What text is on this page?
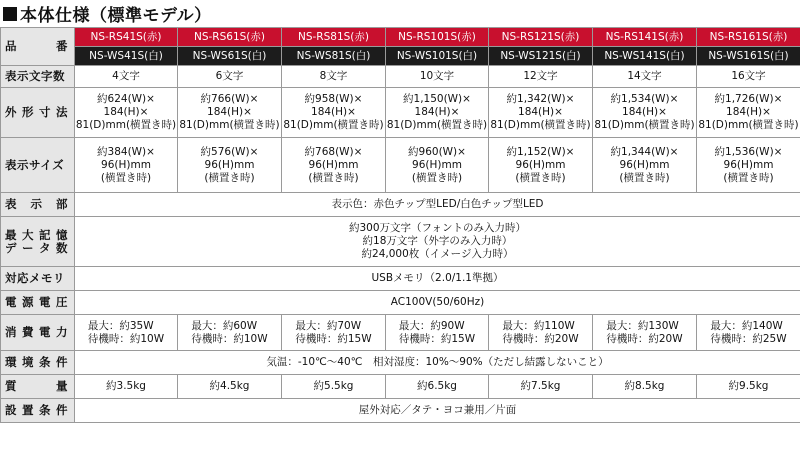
本体仕様（標準モデル）
品番	NS-RS41S(赤)	NS-RS61S(赤)	NS-RS81S(赤)	NS-RS101S(赤)	NS-RS121S(赤)	NS-RS141S(赤)	NS-RS161S(赤)
	NS-WS41S(白)	NS-WS61S(白)	NS-WS81S(白)	NS-WS101S(白)	NS-WS121S(白)	NS-WS141S(白)	NS-WS161S(白)

表示文字数	4文字	6文字	8文字	10文字	12文字	14文字	16文字

外形寸法	約624(W)×
184(H)×
81(D)mm(横置き時)	約766(W)×
184(H)×
81(D)mm(横置き時)	約958(W)×
184(H)×
81(D)mm(横置き時)	約1,150(W)×
184(H)×
81(D)mm(横置き時)	約1,342(W)×
184(H)×
81(D)mm(横置き時)	約1,534(W)×
184(H)×
81(D)mm(横置き時)	約1,726(W)×
184(H)×
81(D)mm(横置き時)

表示サイズ	約384(W)×
96(H)mm
(横置き時)	約576(W)×
96(H)mm
(横置き時)	約768(W)×
96(H)mm
(横置き時)	約960(W)×
96(H)mm
(横置き時)	約1,152(W)×
96(H)mm
(横置き時)	約1,344(W)×
96(H)mm
(横置き時)	約1,536(W)×
96(H)mm
(横置き時)

表示部	表示色：赤色チップ型LED/白色チップ型LED						

最大記憶
データ数	約300万文字（フォントのみ入力時）
約18万文字（外字のみ入力時）
約24,000枚（イメージ入力時）						

対応メモリ	USBメモリ（2.0/1.1準拠）						

電源電圧	AC100V(50/60Hz)						

消費電力	最大：約35W
待機時：約10W	最大：約60W
待機時：約10W	最大：約70W
待機時：約15W	最大：約90W
待機時：約15W	最大：約110W
待機時：約20W	最大：約130W
待機時：約20W	最大：約140W
待機時：約25W

環境条件	気温：-10℃～40℃　相対湿度：10%～90%（ただし結露しないこと）						

質量	約3.5kg	約4.5kg	約5.5kg	約6.5kg	約7.5kg	約8.5kg	約9.5kg

設置条件	屋外対応／タテ・ヨコ兼用／片面						
